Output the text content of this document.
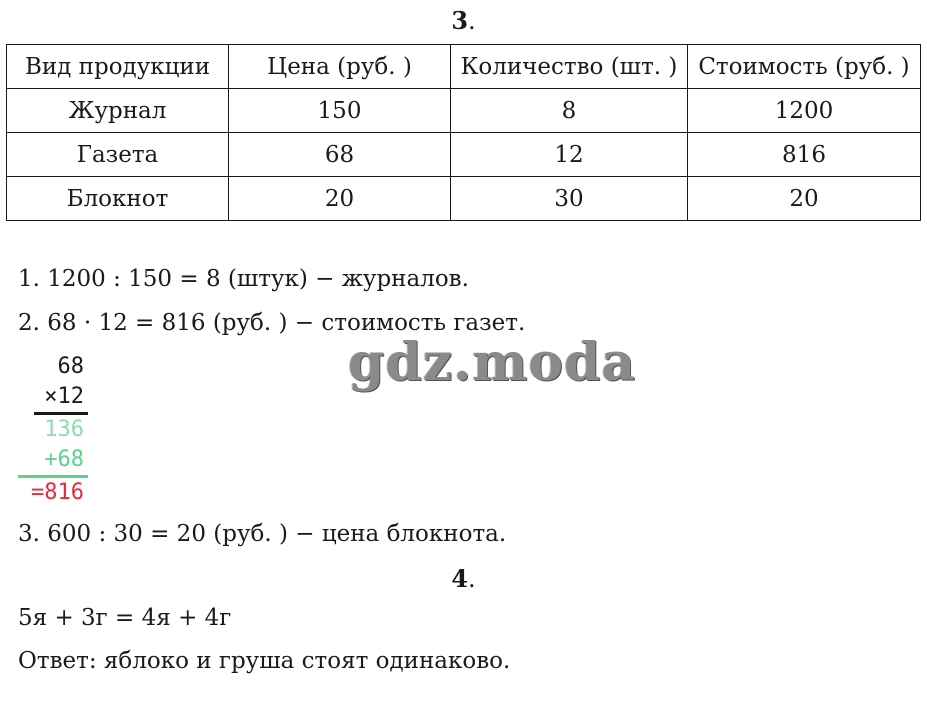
3.
Вид продукции	Цена (руб. )	Количество (шт. )	Стоимость (руб. )
Журнал	150	8	1200
Газета	68	12	816
Блокнот	20	30	20
1. 1200 : 150 = 8 (штук) − журналов.
2. 68 · 12 = 816 (руб. ) − стоимость газет.
68
×12
136
+68
=816
gdz.moda
3. 600 : 30 = 20 (руб. ) − цена блокнота.
4.
5я + 3г = 4я + 4г
Ответ: яблоко и груша стоят одинаково.
